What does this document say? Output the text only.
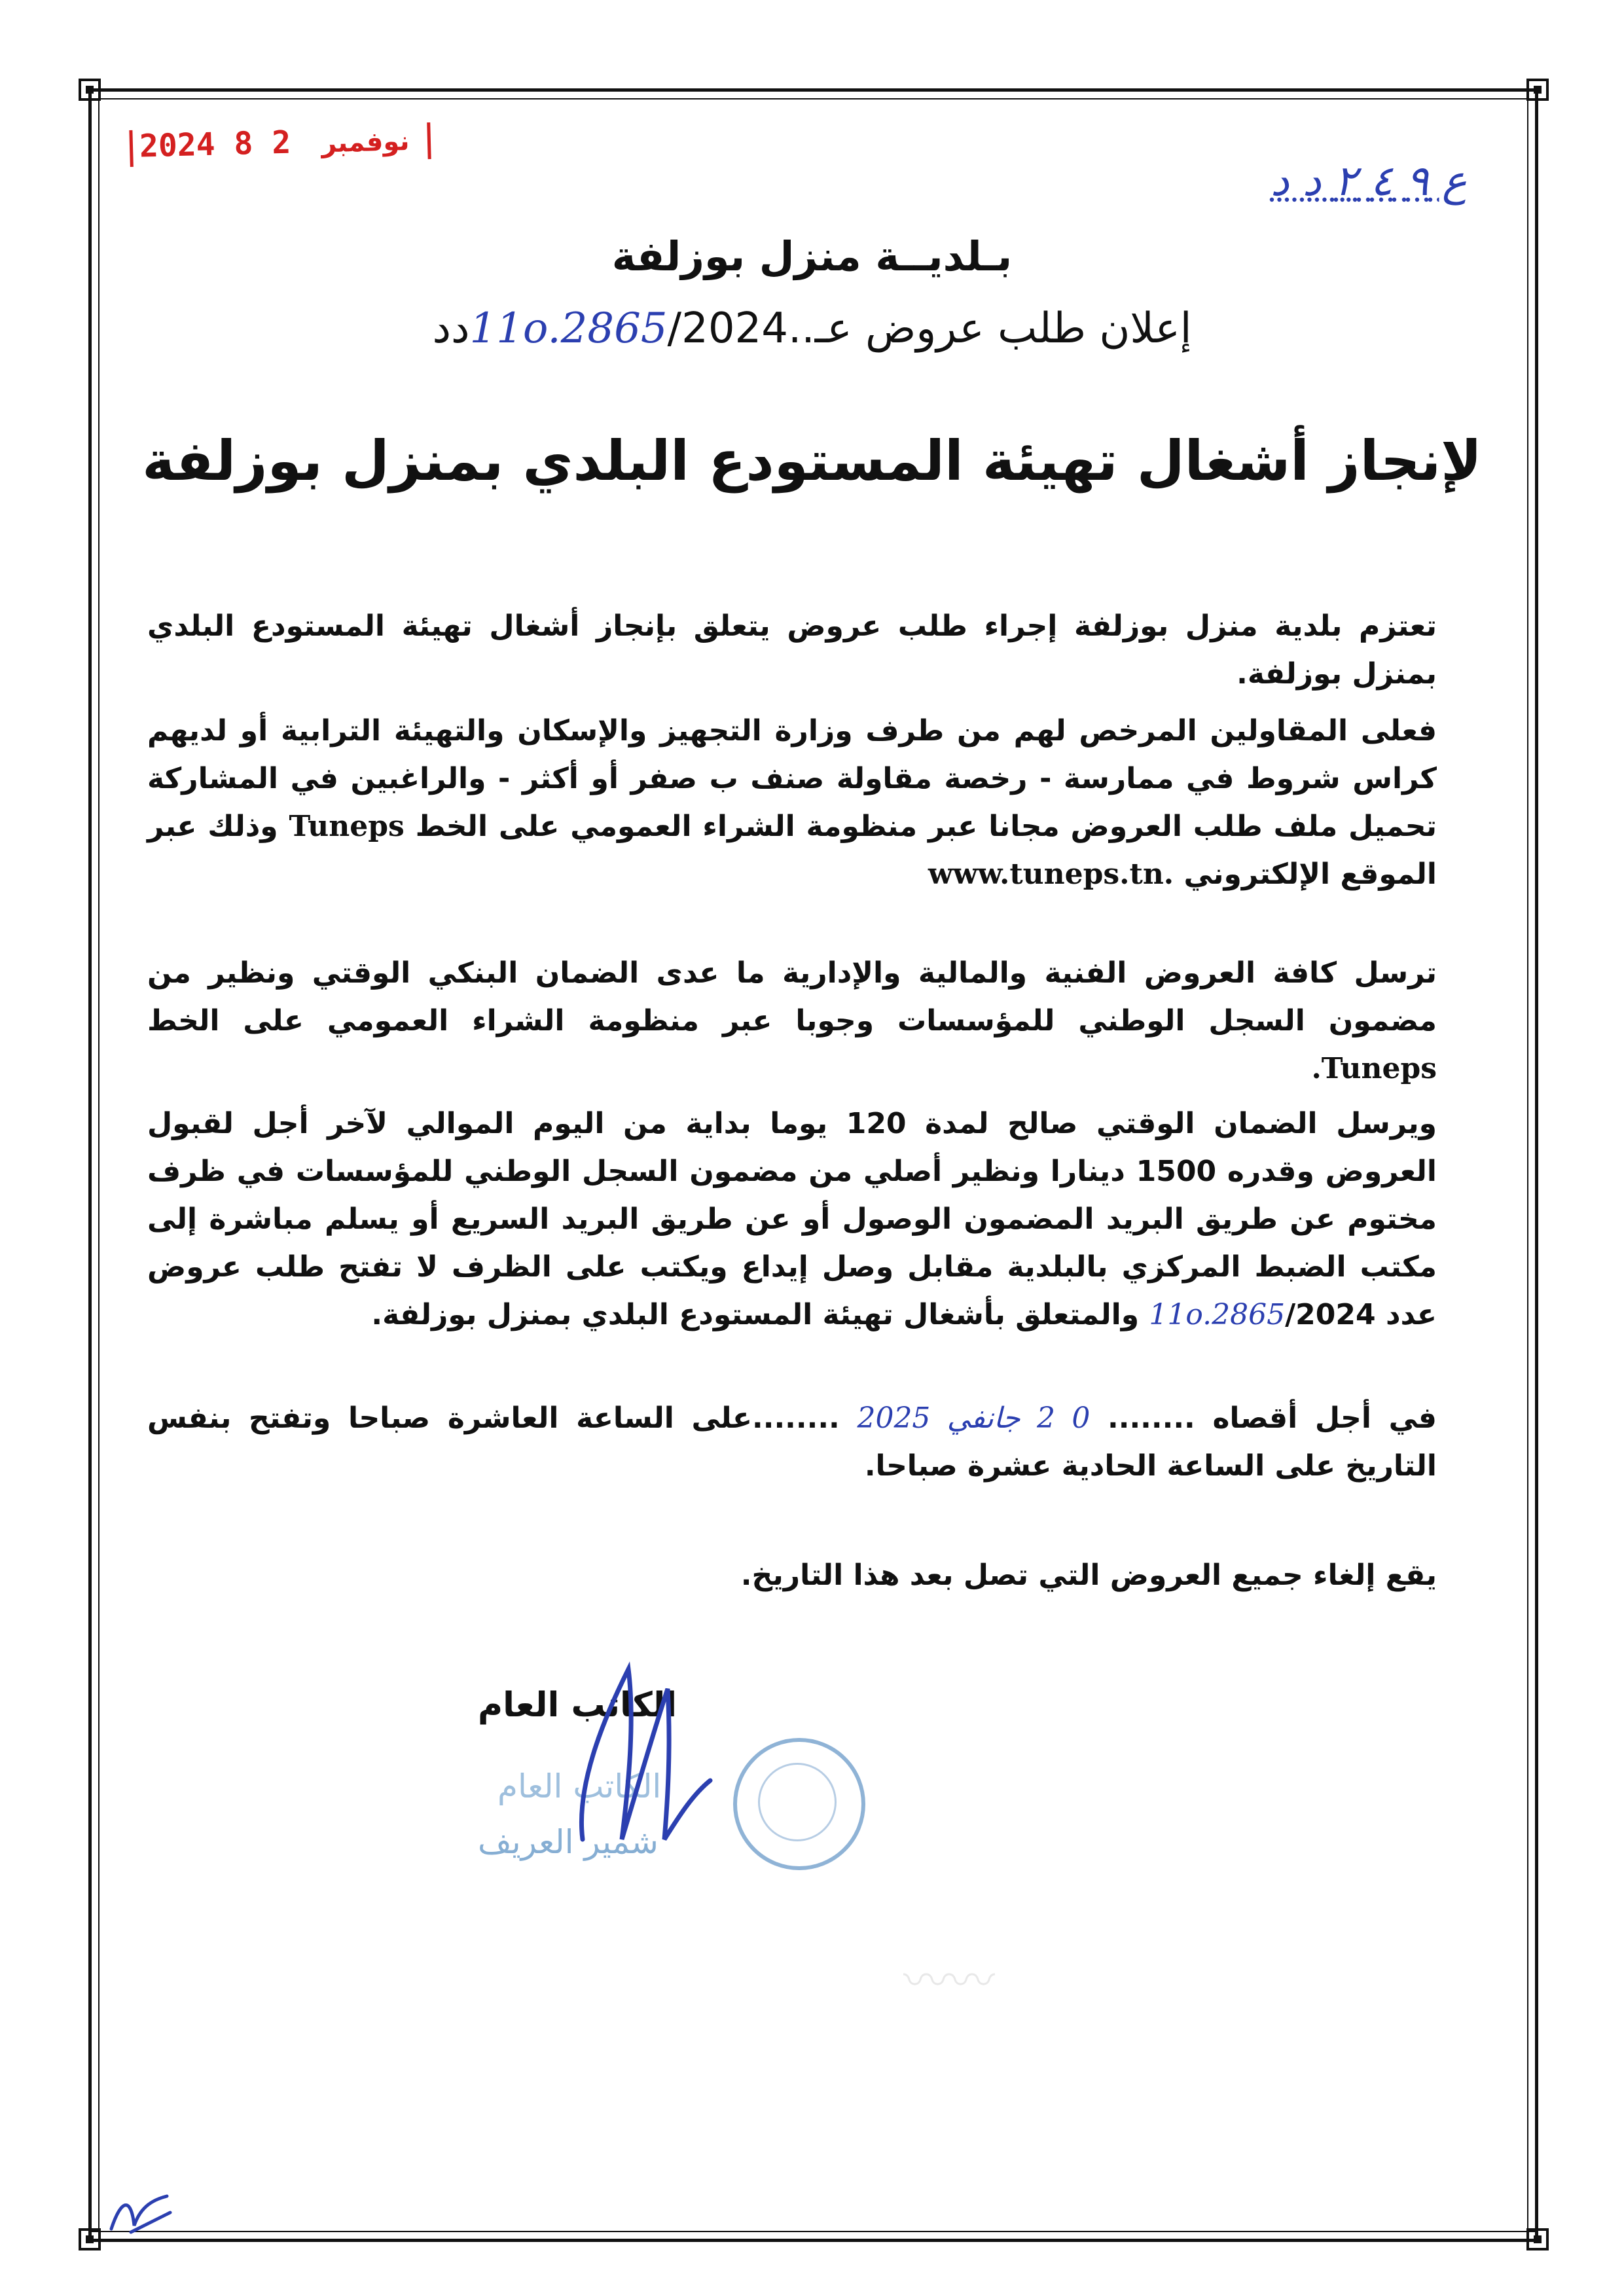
2024	نوفمبر 2 8
ع ٩ ٤ ٢ د د
بـلديــة منزل بوزلفة
إعلان طلب عروض عـ..11o.2865/2024دد
لإنجاز أشغال تهيئة المستودع البلدي بمنزل بوزلفة
تعتزم بلدية منزل بوزلفة إجراء طلب عروض يتعلق بإنجاز أشغال تهيئة المستودع البلدي بمنزل بوزلفة.
فعلى المقاولين المرخص لهم من طرف وزارة التجهيز والإسكان والتهيئة الترابية أو لديهم كراس شروط في ممارسة - رخصة مقاولة صنف ب صفر أو أكثر - والراغبين في المشاركة تحميل ملف طلب العروض مجانا عبر منظومة الشراء العمومي على الخط Tuneps وذلك عبر الموقع الإلكتروني www.tuneps.tn.
ترسل كافة العروض الفنية والمالية والإدارية ما عدى الضمان البنكي الوقتي ونظير من مضمون السجل الوطني للمؤسسات وجوبا عبر منظومة الشراء العمومي على الخط Tuneps.
ويرسل الضمان الوقتي صالح لمدة 120 يوما بداية من اليوم الموالي لآخر أجل لقبول العروض وقدره 1500 دينارا ونظير أصلي من مضمون السجل الوطني للمؤسسات في ظرف مختوم عن طريق البريد المضمون الوصول أو عن طريق البريد السريع أو يسلم مباشرة إلى مكتب الضبط المركزي بالبلدية مقابل وصل إيداع ويكتب على الظرف لا تفتح طلب عروض عدد 11o.2865/2024 والمتعلق بأشغال تهيئة المستودع البلدي بمنزل بوزلفة.
في أجل أقصاه ........ 0 2 جانفي 2025 ........على الساعة العاشرة صباحا وتفتح بنفس التاريخ على الساعة الحادية عشرة صباحا.
يقع إلغاء جميع العروض التي تصل بعد هذا التاريخ.
الكاتب العام
الكاتب العام
شمير العريف
〰〰
